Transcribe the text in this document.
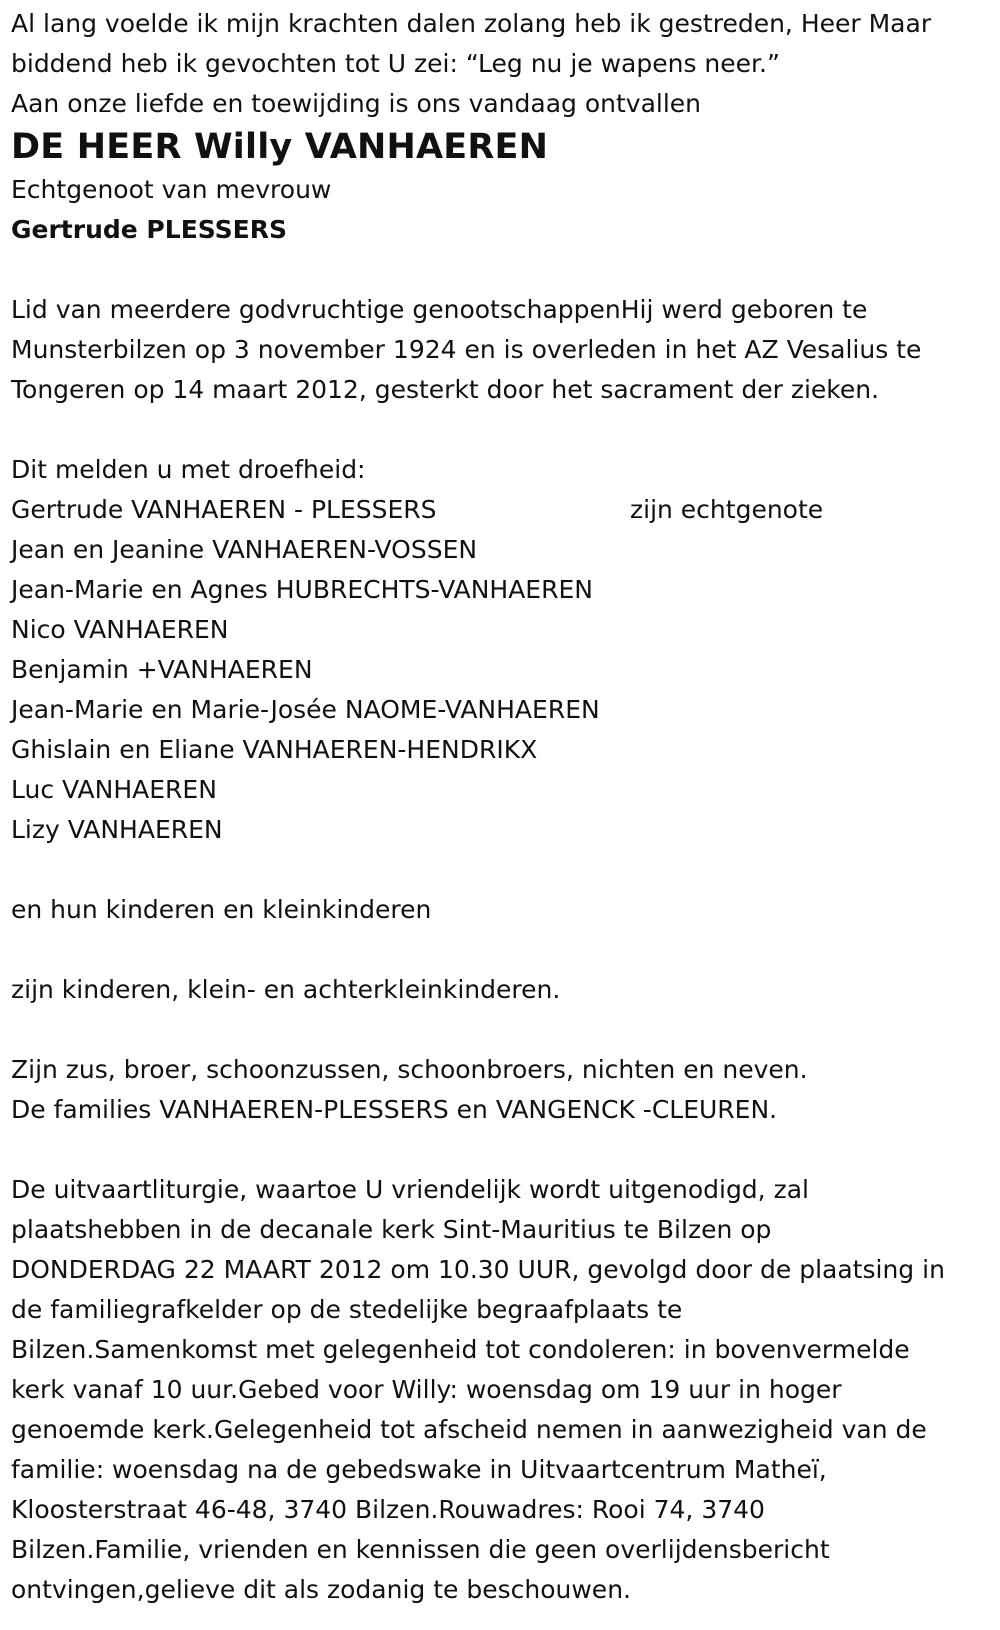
Al lang voelde ik mijn krachten dalen zolang heb ik gestreden, Heer Maar
biddend heb ik gevochten tot U zei: “Leg nu je wapens neer.”
Aan onze liefde en toewijding is ons vandaag ontvallen
DE HEER Willy VANHAEREN
Echtgenoot van mevrouw
Gertrude PLESSERS
Lid van meerdere godvruchtige genootschappenHij werd geboren te
Munsterbilzen op 3 november 1924 en is overleden in het AZ Vesalius te
Tongeren op 14 maart 2012, gesterkt door het sacrament der zieken.
Dit melden u met droefheid:
Gertrude VANHAEREN - PLESSERS	zijn echtgenote
Jean en Jeanine VANHAEREN-VOSSEN
Jean-Marie en Agnes HUBRECHTS-VANHAEREN
Nico VANHAEREN
Benjamin +VANHAEREN
Jean-Marie en Marie-Josée NAOME-VANHAEREN
Ghislain en Eliane VANHAEREN-HENDRIKX
Luc VANHAEREN
Lizy VANHAEREN
en hun kinderen en kleinkinderen
zijn kinderen, klein- en achterkleinkinderen.
Zijn zus, broer, schoonzussen, schoonbroers, nichten en neven.
De families VANHAEREN-PLESSERS en VANGENCK -CLEUREN.
De uitvaartliturgie, waartoe U vriendelijk wordt uitgenodigd, zal
plaatshebben in de decanale kerk Sint-Mauritius te Bilzen op
DONDERDAG 22 MAART 2012 om 10.30 UUR, gevolgd door de plaatsing in
de familiegrafkelder op de stedelijke begraafplaats te
Bilzen.Samenkomst met gelegenheid tot condoleren: in bovenvermelde
kerk vanaf 10 uur.Gebed voor Willy: woensdag om 19 uur in hoger
genoemde kerk.Gelegenheid tot afscheid nemen in aanwezigheid van de
familie: woensdag na de gebedswake in Uitvaartcentrum Matheï,
Kloosterstraat 46-48, 3740 Bilzen.Rouwadres: Rooi 74, 3740
Bilzen.Familie, vrienden en kennissen die geen overlijdensbericht
ontvingen,gelieve dit als zodanig te beschouwen.
